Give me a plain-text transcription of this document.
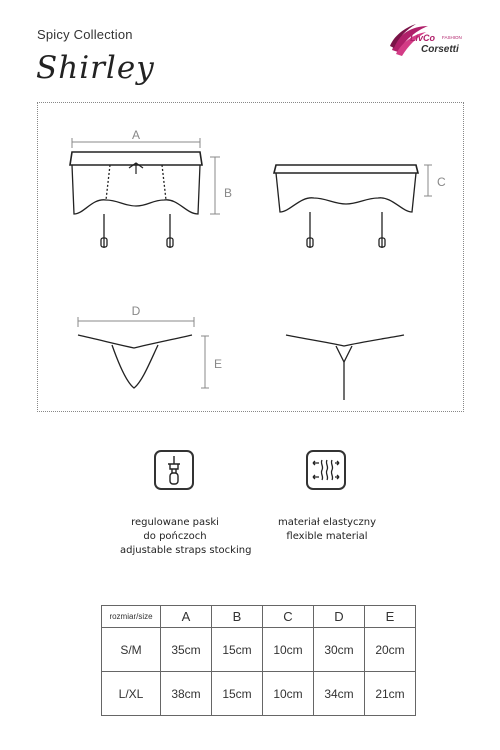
Spicy Collection
Shirley
LivCo FASHION
Corsetti
A
B
C
D
E
regulowane paski
do pończoch
adjustable straps stocking
materiał elastyczny
flexible material
rozmiar/size	A	B	C	D	E
S/M	35cm	15cm	10cm	30cm	20cm
L/XL	38cm	15cm	10cm	34cm	21cm
